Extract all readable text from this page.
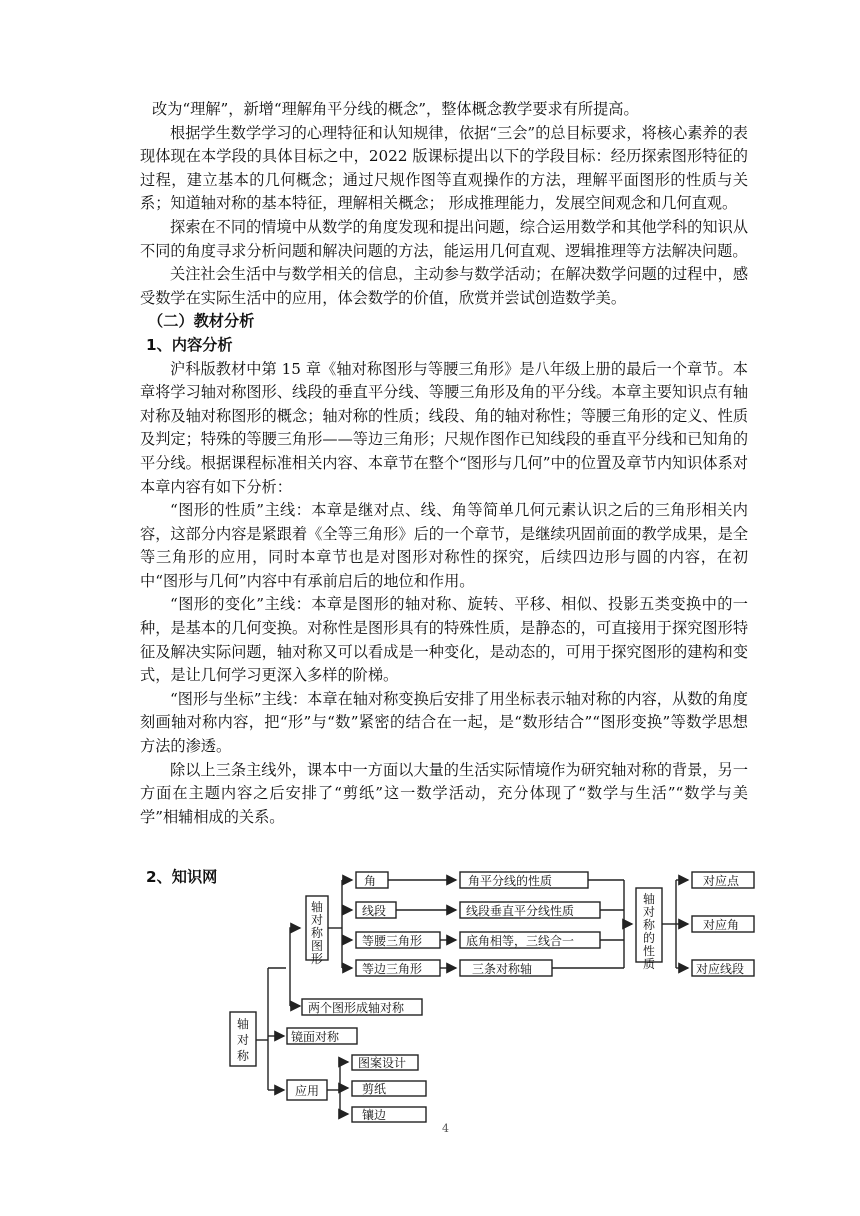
改为“理解”，新增“理解角平分线的概念”，整体概念教学要求有所提高。

根据学生数学学习的心理特征和认知规律，依据“三会”的总目标要求，将核心素养的表现体现在本学段的具体目标之中，2022 版课标提出以下的学段目标：经历探索图形特征的过程，建立基本的几何概念；通过尺规作图等直观操作的方法，理解平面图形的性质与关系；知道轴对称的基本特征，理解相关概念； 形成推理能力，发展空间观念和几何直观。

探索在不同的情境中从数学的角度发现和提出问题，综合运用数学和其他学科的知识从不同的角度寻求分析问题和解决问题的方法，能运用几何直观、逻辑推理等方法解决问题。

关注社会生活中与数学相关的信息，主动参与数学活动；在解决数学问题的过程中，感受数学在实际生活中的应用，体会数学的价值，欣赏并尝试创造数学美。

（二）教材分析

1、内容分析

沪科版教材中第 15 章《轴对称图形与等腰三角形》是八年级上册的最后一个章节。本章将学习轴对称图形、线段的垂直平分线、等腰三角形及角的平分线。本章主要知识点有轴对称及轴对称图形的概念；轴对称的性质；线段、角的轴对称性；等腰三角形的定义、性质及判定；特殊的等腰三角形——等边三角形；尺规作图作已知线段的垂直平分线和已知角的平分线。根据课程标准相关内容、本章节在整个“图形与几何”中的位置及章节内知识体系对本章内容有如下分析：

“图形的性质”主线：本章是继对点、线、角等简单几何元素认识之后的三角形相关内容，这部分内容是紧跟着《全等三角形》后的一个章节，是继续巩固前面的教学成果，是全等三角形的应用，同时本章节也是对图形对称性的探究，后续四边形与圆的内容，在初中“图形与几何”内容中有承前启后的地位和作用。

“图形的变化”主线：本章是图形的轴对称、旋转、平移、相似、投影五类变换中的一种，是基本的几何变换。对称性是图形具有的特殊性质，是静态的，可直接用于探究图形特征及解决实际问题，轴对称又可以看成是一种变化，是动态的，可用于探究图形的建构和变式，是让几何学习更深入多样的阶梯。

“图形与坐标”主线：本章在轴对称变换后安排了用坐标表示轴对称的内容，从数的角度刻画轴对称内容，把“形”与“数”紧密的结合在一起，是“数形结合”“图形变换”等数学思想方法的渗透。

除以上三条主线外，课本中一方面以大量的生活实际情境作为研究轴对称的背景，另一方面在主题内容之后安排了“剪纸”这一数学活动，充分体现了“数学与生活”“数学与美学”相辅相成的关系。

2、知识网
轴对称
轴对称图形
两个图形成轴对称
镜面对称
应用
图案设计
剪纸
镶边
角
线段
等腰三角形
等边三角形
角平分线的性质
线段垂直平分线性质
底角相等，三线合一
三条对称轴
轴对称的性质
对应点
对应角
对应线段
4
